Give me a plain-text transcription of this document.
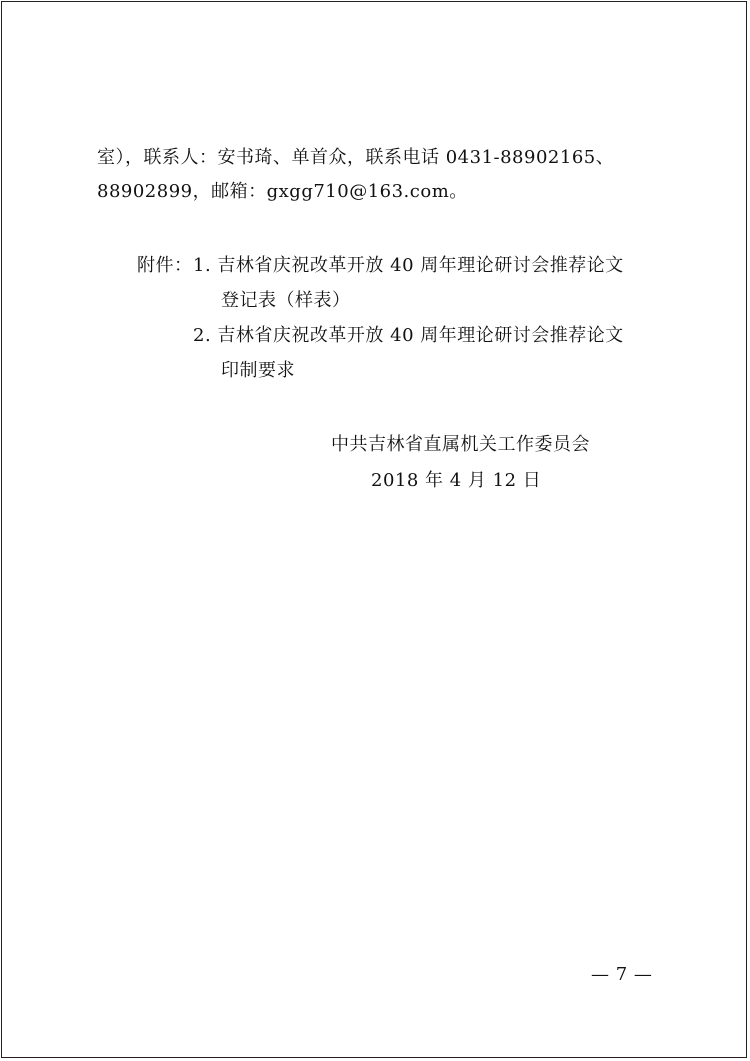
室），联系人：安书琦、单首众，联系电话 0431-88902165、
88902899，邮箱：gxgg710@163.com。
附件： 1. 吉林省庆祝改革开放 40 周年理论研讨会推荐论文
登记表（样表）
2. 吉林省庆祝改革开放 40 周年理论研讨会推荐论文
印制要求
中共吉林省直属机关工作委员会
2018 年 4 月 12 日
— 7 —
